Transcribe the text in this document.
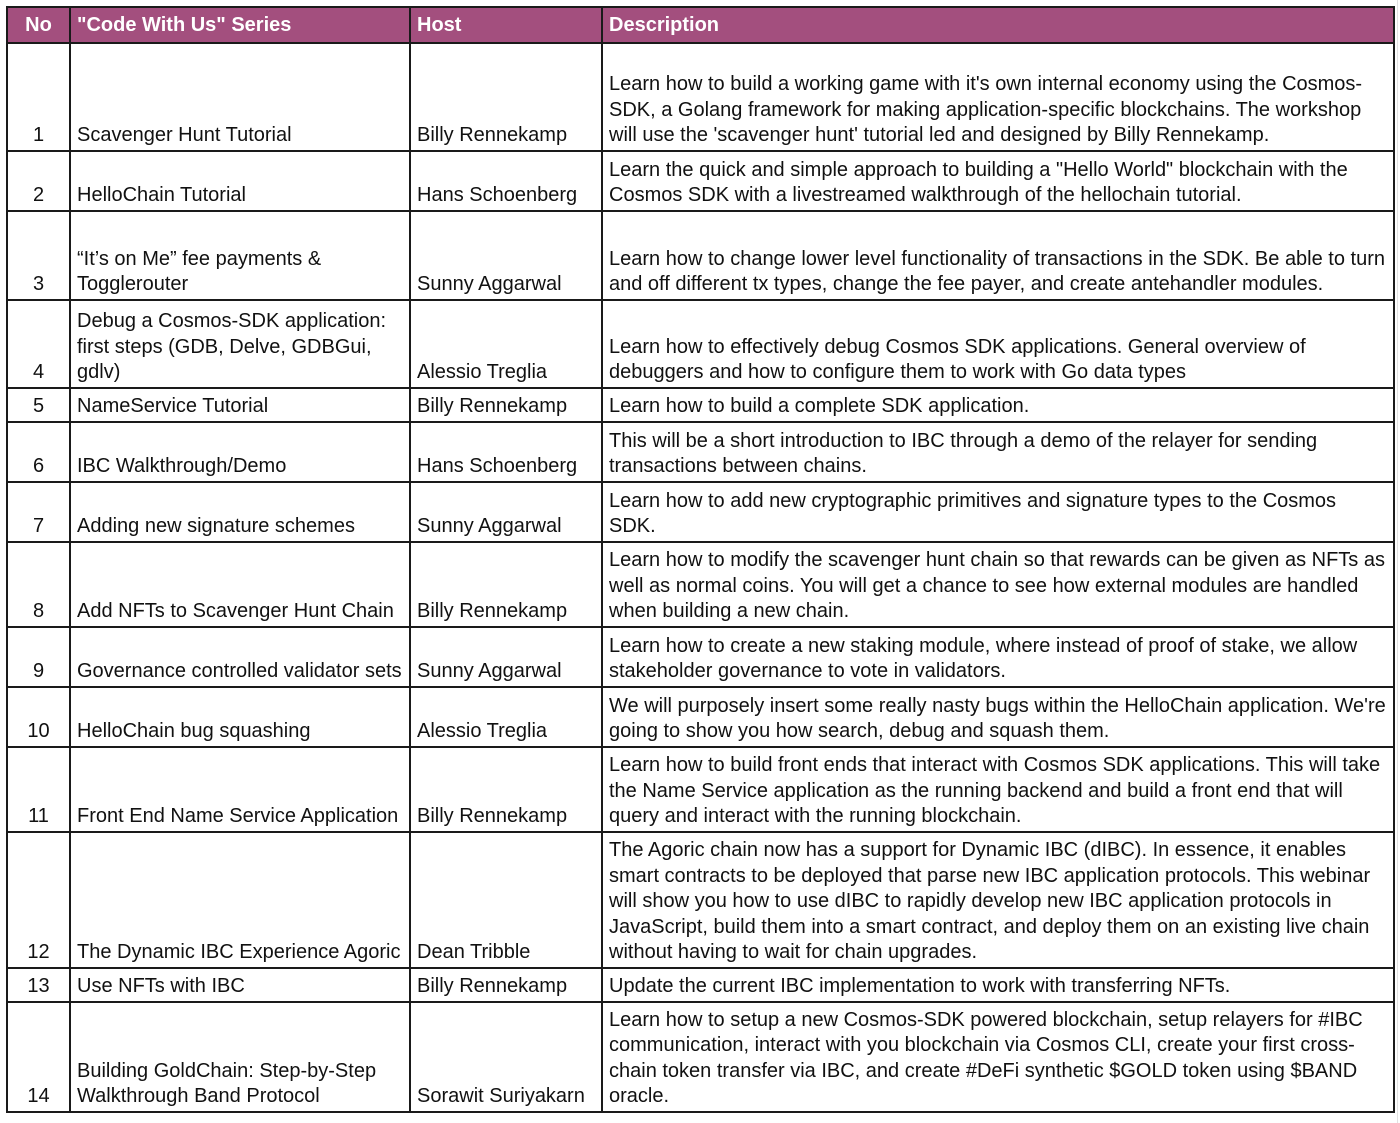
No	"Code With Us" Series	Host	Description
1	Scavenger Hunt Tutorial	Billy Rennekamp	Learn how to build a working game with it's own internal economy using the Cosmos-SDK, a Golang framework for making application-specific blockchains. The workshop will use the 'scavenger hunt' tutorial led and designed by Billy Rennekamp.
2	HelloChain Tutorial	Hans Schoenberg	Learn the quick and simple approach to building a "Hello World" blockchain with the Cosmos SDK with a livestreamed walkthrough of the hellochain tutorial.
3	“It’s on Me” fee payments & Togglerouter	Sunny Aggarwal	Learn how to change lower level functionality of transactions in the SDK. Be able to turn and off different tx types, change the fee payer, and create antehandler modules.
4	Debug a Cosmos-SDK application: first steps (GDB, Delve, GDBGui, gdlv)	Alessio Treglia	Learn how to effectively debug Cosmos SDK applications. General overview of debuggers and how to configure them to work with Go data types
5	NameService Tutorial	Billy Rennekamp	Learn how to build a complete SDK application.
6	IBC Walkthrough/Demo	Hans Schoenberg	This will be a short introduction to IBC through a demo of the relayer for sending transactions between chains.
7	Adding new signature schemes	Sunny Aggarwal	Learn how to add new cryptographic primitives and signature types to the Cosmos SDK.
8	Add NFTs to Scavenger Hunt Chain	Billy Rennekamp	Learn how to modify the scavenger hunt chain so that rewards can be given as NFTs as well as normal coins. You will get a chance to see how external modules are handled when building a new chain.
9	Governance controlled validator sets	Sunny Aggarwal	Learn how to create a new staking module, where instead of proof of stake, we allow stakeholder governance to vote in validators.
10	HelloChain bug squashing	Alessio Treglia	We will purposely insert some really nasty bugs within the HelloChain application. We're going to show you how search, debug and squash them.
11	Front End Name Service Application	Billy Rennekamp	Learn how to build front ends that interact with Cosmos SDK applications. This will take the Name Service application as the running backend and build a front end that will query and interact with the running blockchain.
12	The Dynamic IBC Experience Agoric	Dean Tribble	The Agoric chain now has a support for Dynamic IBC (dIBC). In essence, it enables smart contracts to be deployed that parse new IBC application protocols. This webinar will show you how to use dIBC to rapidly develop new IBC application protocols in JavaScript, build them into a smart contract, and deploy them on an existing live chain without having to wait for chain upgrades.
13	Use NFTs with IBC	Billy Rennekamp	Update the current IBC implementation to work with transferring NFTs.
14	Building GoldChain: Step-by-Step Walkthrough Band Protocol	Sorawit Suriyakarn	Learn how to setup a new Cosmos-SDK powered blockchain, setup relayers for #IBC communication, interact with you blockchain via Cosmos CLI, create your first cross-chain token transfer via IBC, and create #DeFi synthetic $GOLD token using $BAND oracle.
